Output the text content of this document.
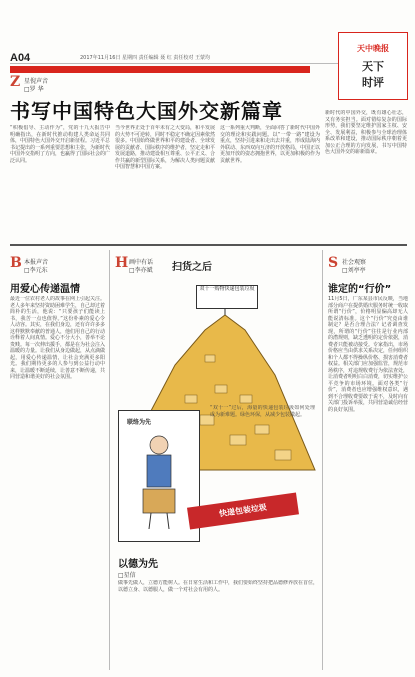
A04	2017年11月16日 星期四 责任编辑 聂 红 责任校对 王蒙均
天中晚报
天下
时评
Z 星倪声音
□罗 华
书写中国特色大国外交新篇章
“积极倡导、主动作为”，党的十九大报告中明确指出，在新时代推动构建人类命运共同体，中国特色大国外交开启新征程。习近平总书记提出的一系列重要思想和主张，为新时代中国外交指明了方向，也赢得了国际社会的广泛认同。
当今世界正处于百年未有之大变局，和平发展的大势不可逆转，同时不稳定不确定因素依然很多。中国始终做世界和平的建设者、全球发展的贡献者、国际秩序的维护者，坚定走和平发展道路，推动建设相互尊重、公平正义、合作共赢的新型国际关系，为解决人类问题贡献中国智慧和中国方案。
这一系列重大判断，全面回答了新时代中国外交的理论和实践问题。以“一带一路”建设为重点，坚持引进来和走出去并重，形成陆海内外联动、东西双向互济的开放格局，中国正以更加开放的姿态拥抱世界，以更加积极的作为贡献世界。
新时代的中国外交，既有雄心壮志，又有务实担当。面对错综复杂的国际形势，我们要坚定维护国家主权、安全、发展利益，积极参与全球治理体系改革和建设，推动国际秩序朝着更加公正合理的方向发展，书写中国特色大国外交的崭新篇章。
B 本报声音
□李元东
用爱心传递温情
最近一位农村老人的故事在网上引起关注。老人多年来坚持资助困难学生，自己却过着简朴的生活，他说：“只要孩子们能读上书，我苦一点也值得。”这份朴素的爱心令人动容。其实，在我们身边，还有许许多多这样默默奉献的普通人，他们用自己的行动诠释着人间真情。爱心不分大小，善举不论贵贱。每一次伸出援手，都是在为社会注入温暖的力量。让我们从身边做起，从点滴做起，用爱心传递温情，让社会充满更多阳光。我们期待更多的人参与到公益行动中来，让温暖不断延续，让善意不断传递，共同营造和谐美好的社会氛围。
H 画中有话
□李亦斌 扫货之后
双十一购物快递包装垃圾
联络为先
快递包装垃圾
“双十一”过后，海量的快递包装垃圾如何处理成为新难题。绿色环保，从减少包装做起。
以德为先
□星信
做事先做人，立德方能树人。在日常生活和工作中，我们要始终坚持把品德修养放在首位，以德立身、以德服人，做一个对社会有用的人。
S 社会观察
□刘亭亭
谁定的“行价”
11月5日，广东某县市民反映，当地部分商户在提供婚庆服务时统一收取所谓“行价”，价格明显偏高却无人能说清标准。这个“行价”究竟由谁制定？是否合理合法？记者调查发现，所谓的“行价”往往是行业内部的潜规则，缺乏透明的定价依据，消费者只能被动接受。专家指出，市场价格应当由供求关系决定，任何组织和个人都不得操纵价格、损害消费者权益。相关部门应加强监管，规范市场秩序，对违规收费行为依法查处，让消费者明明白白消费，切实维护公平竞争的市场环境。面对各类“行价”，消费者也应增强维权意识，遇到不合理收费要敢于说不，及时向有关部门投诉举报，共同营造诚信经营的良好氛围。
